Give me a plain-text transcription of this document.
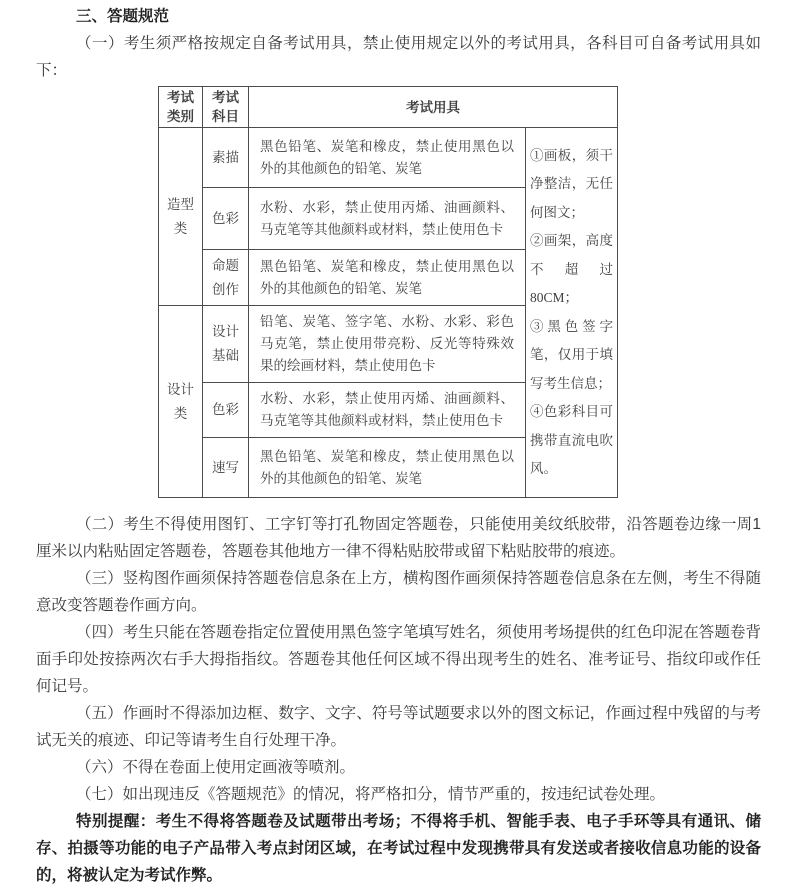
三、答题规范

（一）考生须严格按规定自备考试用具，禁止使用规定以外的考试用具，各科目可自备考试用具如下：

考试类别	考试科目	考试用具	
造型类	素描	黑色铅笔、炭笔和橡皮，禁止使用黑色以外的其他颜色的铅笔、炭笔	①画板，须干净整洁，无任何图文；
②画架，高度不超过80CM；
③黑色签字笔，仅用于填写考生信息；
④色彩科目可携带直流电吹风。

	色彩	水粉、水彩，禁止使用丙烯、油画颜料、马克笔等其他颜料或材料，禁止使用色卡	
	命题创作	黑色铅笔、炭笔和橡皮，禁止使用黑色以外的其他颜色的铅笔、炭笔	
设计类	设计基础	铅笔、炭笔、签字笔、水粉、水彩、彩色马克笔，禁止使用带亮粉、反光等特殊效果的绘画材料，禁止使用色卡	
	色彩	水粉、水彩，禁止使用丙烯、油画颜料、马克笔等其他颜料或材料，禁止使用色卡	
	速写	黑色铅笔、炭笔和橡皮，禁止使用黑色以外的其他颜色的铅笔、炭笔	

（二）考生不得使用图钉、工字钉等打孔物固定答题卷，只能使用美纹纸胶带，沿答题卷边缘一周1厘米以内粘贴固定答题卷，答题卷其他地方一律不得粘贴胶带或留下粘贴胶带的痕迹。

（三）竖构图作画须保持答题卷信息条在上方，横构图作画须保持答题卷信息条在左侧，考生不得随意改变答题卷作画方向。

（四）考生只能在答题卷指定位置使用黑色签字笔填写姓名，须使用考场提供的红色印泥在答题卷背面手印处按捺两次右手大拇指指纹。答题卷其他任何区域不得出现考生的姓名、准考证号、指纹印或作任何记号。

（五）作画时不得添加边框、数字、文字、符号等试题要求以外的图文标记，作画过程中残留的与考试无关的痕迹、印记等请考生自行处理干净。

（六）不得在卷面上使用定画液等喷剂。

（七）如出现违反《答题规范》的情况，将严格扣分，情节严重的，按违纪试卷处理。

特别提醒：考生不得将答题卷及试题带出考场；不得将手机、智能手表、电子手环等具有通讯、储存、拍摄等功能的电子产品带入考点封闭区域，在考试过程中发现携带具有发送或者接收信息功能的设备的，将被认定为考试作弊。
